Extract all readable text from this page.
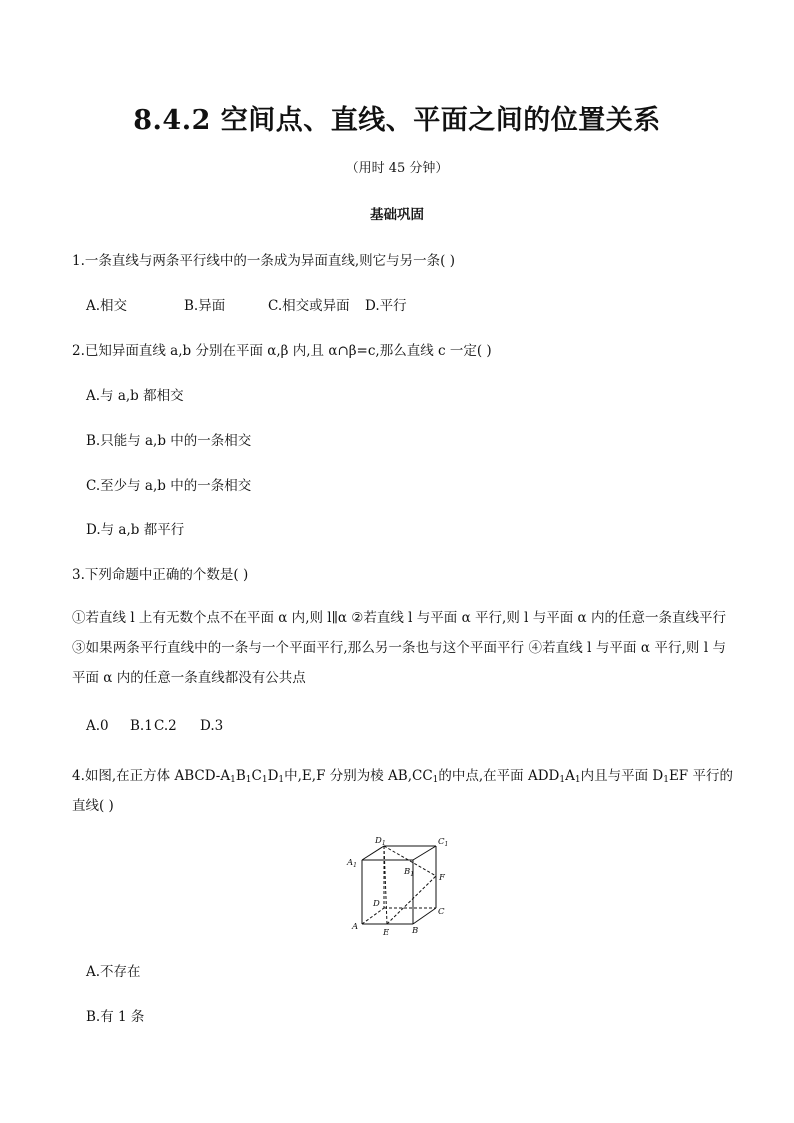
8.4.2 空间点、直线、平面之间的位置关系
（用时 45 分钟）
基础巩固
1.一条直线与两条平行线中的一条成为异面直线,则它与另一条( )
A.相交	B.异面	C.相交或异面 D.平行
2.已知异面直线 a,b 分别在平面 α,β 内,且 α∩β=c,那么直线 c 一定( )
A.与 a,b 都相交
B.只能与 a,b 中的一条相交
C.至少与 a,b 中的一条相交
D.与 a,b 都平行
3.下列命题中正确的个数是( )
①若直线 l 上有无数个点不在平面 α 内,则 l∥α ②若直线 l 与平面 α 平行,则 l 与平面 α 内的任意一条直线平行 ③如果两条平行直线中的一条与一个平面平行,那么另一条也与这个平面平行 ④若直线 l 与平面 α 平行,则 l 与平面 α 内的任意一条直线都没有公共点
A.0 B.1C.2 D.3
4.如图,在正方体 ABCD-$A_1B_1C_1D_1$中,E,F 分别为棱 $AB,CC_1$的中点,在平面 $ADD_1A_1$内且与平面 $D_1EF$ 平行的
直线( )
$D_1$	$C_1$
$A_1$
$B_1$	F
D
C
A
E	B
A.不存在
B.有 1 条
